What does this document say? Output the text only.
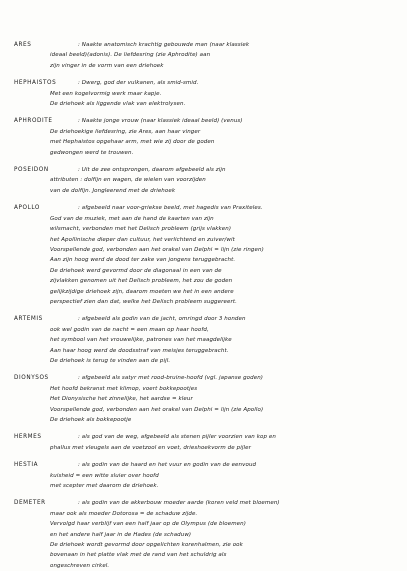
ARES	: Naakte anatomisch krachtig gebouwde man (naar klassiek
ideaal beeld)(adonis). De liefdesring (zie Aphrodite) aan
zijn vinger in de vorm van een driehoek
HEPHAISTOS	: Dwerg, god der vulkanen, als smid-smid.
Met een kogelvormig werk maar kapje.
De driehoek als liggende vlak van elektrolysen.
APHRODITE	: Naakte jonge vrouw (naar klassiek ideaal beeld) (venus)
De driehoekige liefdesring, zie Ares, aan haar vinger
met Hephaistos opgehaar arm, met wie zij door de goden
gedwongen werd te trouwen.
POSEIDON	: Uit de zee ontsprongen, daarom afgebeeld als zijn
attributen : dolfijn en wagen, de wielen van voorzijden
van de dolfijn. Jongleerend met de driehoek
APOLLO	: afgebeeld naar voor-griekse beeld, met hagedis van Praxiteles.
God van de muziek, met aan de hand de kaarten van zijn
wilsmacht, verbonden met het Delisch probleem (grijs vlakken)
het Apollinische dieper dan cultuur, het verlichtend en zuiver/wit
Voorspellende god, verbonden aan het orakel van Delphi = lijn (zie ringen)
Aan zijn hoog werd de dood ter zake van jongens teruggebracht.
De driehoek werd gevormd door de diagonaal in een van de
zijvlakken genomen uit het Delisch probleem, het zou de goden
gelijkzijdige driehoek zijn, daarom moeten we het in een andere
perspectief zien dan dat, welke het Delisch probleem suggereert.
ARTEMIS	: afgebeeld als godin van de jacht, omringd door 3 honden
ook wel godin van de nacht = een maan op haar hoofd,
het symbool van het vrouwelijke, patrones van het maagdelijke
Aan haar hoog werd de doodsstraf van meisjes teruggebracht.
De driehoek is terug te vinden aan de pijl.
DIONYSOS	: afgebeeld als satyr met rood-bruine-hoofd (vgl. japanse goden)
Het hoofd bekranst met klimop, voert bokkepootjes
Het Dionysische het zinnelijke, het aardse = kleur
Voorspellende god, verbonden aan het orakel van Delphi = lijn (zie Apollo)
De driehoek als bokkepootje
HERMES	: als god van de weg, afgebeeld als stenen pijler voorzien van kop en
phallus met vleugels aan de voetzool en voet, drieshoekvorm de pijler
HESTIA	: als godin van de haard en het vuur en godin van de eenvoud
kuisheid = een witte sluier over hoofd
met scepter met daarom de driehoek.
DEMETER	: als godin van de akkerbouw moeder aarde (koren veld met bloemen)
maar ook als moeder Dotorosa = de schaduw zijde.
Vervolgd haar verblijf van een half jaar op de Olympus (de bloemen)
en het andere half jaar in de Hades (de schaduw)
De driehoek wordt gevormd door opgelichten korenhalmen, zie ook
bovenaan in het platte vlak met de rand van het schuldrig als
ongeschreven cirkel.
